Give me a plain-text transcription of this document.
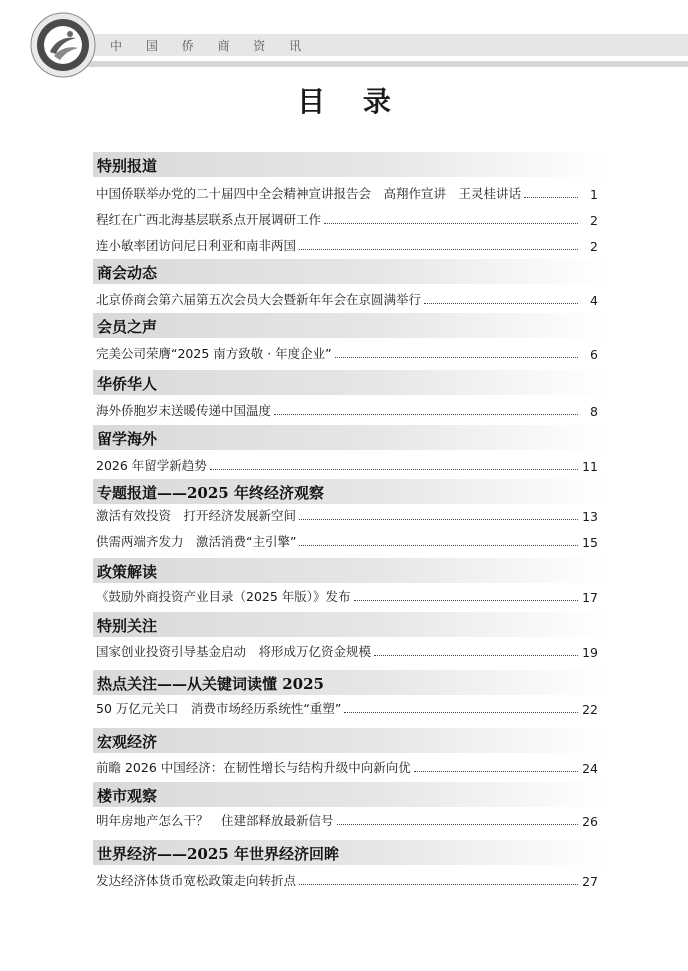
中 国 侨 商 资 讯
目 录
特别报道
中国侨联举办党的二十届四中全会精神宣讲报告会　高翔作宣讲　王灵桂讲话	1
程红在广西北海基层联系点开展调研工作	2
连小敏率团访问尼日利亚和南非两国	2
商会动态
北京侨商会第六届第五次会员大会暨新年年会在京圆满举行	4
会员之声
完美公司荣膺“2025 南方致敬 · 年度企业”	6
华侨华人
海外侨胞岁末送暖传递中国温度	8
留学海外
2026 年留学新趋势	11
专题报道——2025 年终经济观察
激活有效投资　打开经济发展新空间	13
供需两端齐发力　激活消费“主引擎”	15
政策解读
《鼓励外商投资产业目录（2025 年版）》发布	17
特别关注
国家创业投资引导基金启动　将形成万亿资金规模	19
热点关注——从关键词读懂 2025
50 万亿元关口　消费市场经历系统性“重塑”	22
宏观经济
前瞻 2026 中国经济：在韧性增长与结构升级中向新向优	24
楼市观察
明年房地产怎么干？　住建部释放最新信号	26
世界经济——2025 年世界经济回眸
发达经济体货币宽松政策走向转折点	27
